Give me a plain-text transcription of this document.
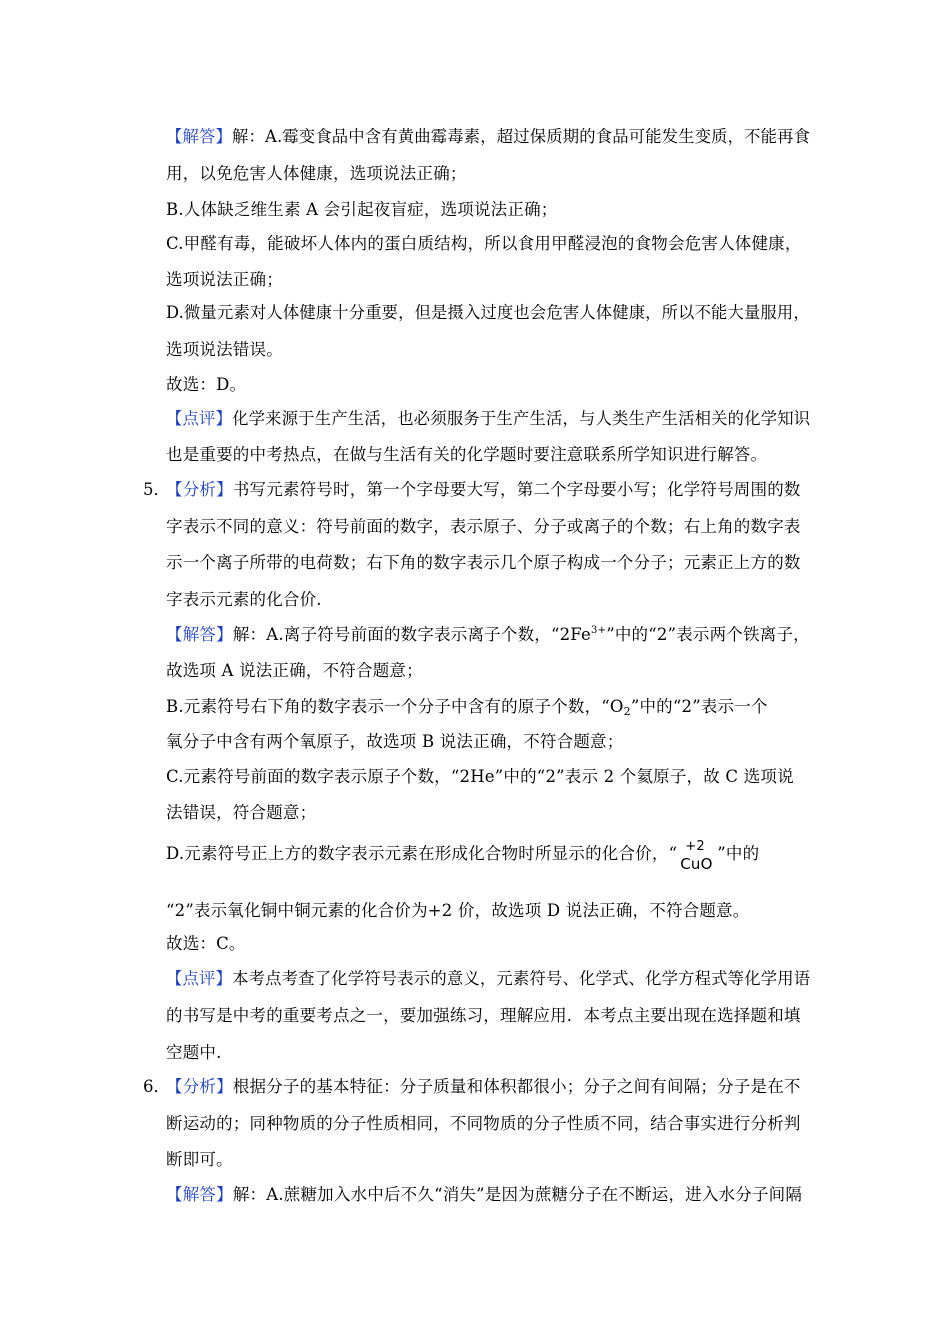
【解答】解：A.霉变食品中含有黄曲霉毒素，超过保质期的食品可能发生变质，不能再食
用，以免危害人体健康，选项说法正确；
B.人体缺乏维生素 A 会引起夜盲症，选项说法正确；
C.甲醛有毒，能破坏人体内的蛋白质结构，所以食用甲醛浸泡的食物会危害人体健康，
选项说法正确；
D.微量元素对人体健康十分重要，但是摄入过度也会危害人体健康，所以不能大量服用，
选项说法错误。
故选：D。
【点评】化学来源于生产生活，也必须服务于生产生活，与人类生产生活相关的化学知识
也是重要的中考热点，在做与生活有关的化学题时要注意联系所学知识进行解答。
5．
【分析】书写元素符号时，第一个字母要大写，第二个字母要小写；化学符号周围的数
字表示不同的意义：符号前面的数字，表示原子、分子或离子的个数；右上角的数字表
示一个离子所带的电荷数；右下角的数字表示几个原子构成一个分子；元素正上方的数
字表示元素的化合价.
【解答】解：A.离子符号前面的数字表示离子个数，“$2Fe^{3+}$”中的“2”表示两个铁离子，
故选项 A 说法正确，不符合题意；
B.元素符号右下角的数字表示一个分子中含有的原子个数，“$O_2$”中的“2”表示一个
氧分子中含有两个氧原子，故选项 B 说法正确，不符合题意；
C.元素符号前面的数字表示原子个数，“2He”中的“2”表示 2 个氦原子，故 C 选项说
法错误，符合题意；
D.元素符号正上方的数字表示元素在形成化合物时所显示的化合价，“ +2
CuO
”中的
“2”表示氧化铜中铜元素的化合价为+2 价，故选项 D 说法正确，不符合题意。
故选：C。
【点评】本考点考查了化学符号表示的意义，元素符号、化学式、化学方程式等化学用语
的书写是中考的重要考点之一，要加强练习，理解应用．本考点主要出现在选择题和填
空题中.
6．
【分析】根据分子的基本特征：分子质量和体积都很小；分子之间有间隔；分子是在不
断运动的；同种物质的分子性质相同，不同物质的分子性质不同，结合事实进行分析判
断即可。
【解答】解：A.蔗糖加入水中后不久“消失”是因为蔗糖分子在不断运，进入水分子间隔
